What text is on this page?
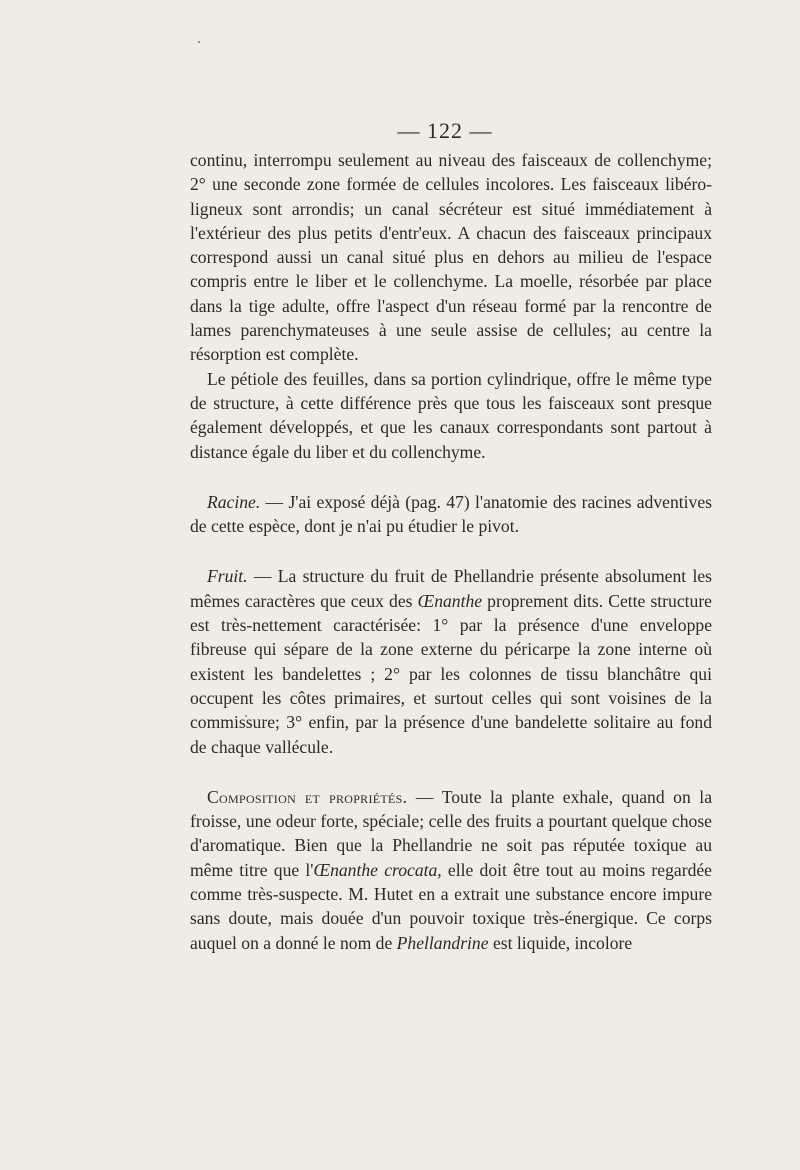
— 122 —

continu, interrompu seulement au niveau des faisceaux de collenchyme; 2° une seconde zone formée de cellules incolores. Les faisceaux libéro-ligneux sont arrondis; un canal sécréteur est situé immédiatement à l'extérieur des plus petits d'entr'eux. A chacun des faisceaux principaux correspond aussi un canal situé plus en dehors au milieu de l'espace compris entre le liber et le collenchyme. La moelle, résorbée par place dans la tige adulte, offre l'aspect d'un réseau formé par la rencontre de lames parenchymateuses à une seule assise de cellules; au centre la résorption est complète.

Le pétiole des feuilles, dans sa portion cylindrique, offre le même type de structure, à cette différence près que tous les faisceaux sont presque également développés, et que les canaux correspondants sont partout à distance égale du liber et du collenchyme.

Racine. — J'ai exposé déjà (pag. 47) l'anatomie des racines adventives de cette espèce, dont je n'ai pu étudier le pivot.

Fruit. — La structure du fruit de Phellandrie présente absolument les mêmes caractères que ceux des Œnanthe proprement dits. Cette structure est très-nettement caractérisée: 1° par la présence d'une enveloppe fibreuse qui sépare de la zone externe du péricarpe la zone interne où existent les bandelettes ; 2° par les colonnes de tissu blanchâtre qui occupent les côtes primaires, et surtout celles qui sont voisines de la commissure; 3° enfin, par la présence d'une bandelette solitaire au fond de chaque vallécule.

Composition et propriétés. — Toute la plante exhale, quand on la froisse, une odeur forte, spéciale; celle des fruits a pourtant quelque chose d'aromatique. Bien que la Phellandrie ne soit pas réputée toxique au même titre que l'Œnanthe crocata, elle doit être tout au moins regardée comme très-suspecte. M. Hutet en a extrait une substance encore impure sans doute, mais douée d'un pouvoir toxique très-énergique. Ce corps auquel on a donné le nom de Phellandrine est liquide, incolore
